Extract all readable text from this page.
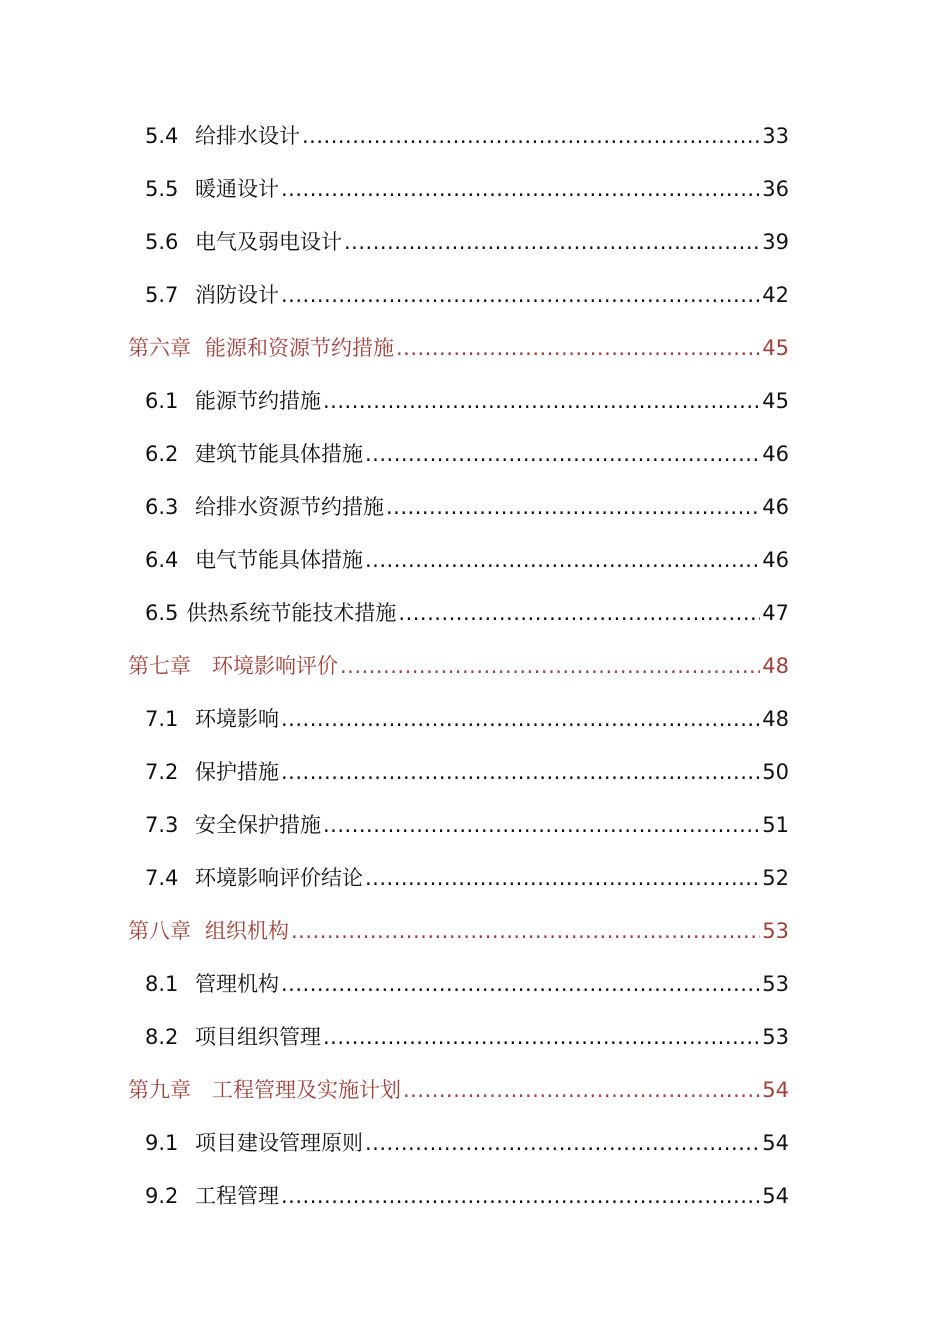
5.4 给排水设计 .....	33
5.5 暖通设计 .....	36
5.6 电气及弱电设计 .....	39
5.7 消防设计 .....	42
第六章 能源和资源节约措施 .....	45
6.1 能源节约措施 .....	45
6.2 建筑节能具体措施 .....	46
6.3 给排水资源节约措施 .....	46
6.4 电气节能具体措施 .....	46
6.5 供热系统节能技术措施 .....	47
第七章 环境影响评价 .....	48
7.1 环境影响 .....	48
7.2 保护措施 .....	50
7.3 安全保护措施 .....	51
7.4 环境影响评价结论 .....	52
第八章 组织机构 .....	53
8.1 管理机构 .....	53
8.2 项目组织管理 .....	53
第九章 工程管理及实施计划 .....	54
9.1 项目建设管理原则 .....	54
9.2 工程管理 .....	54
